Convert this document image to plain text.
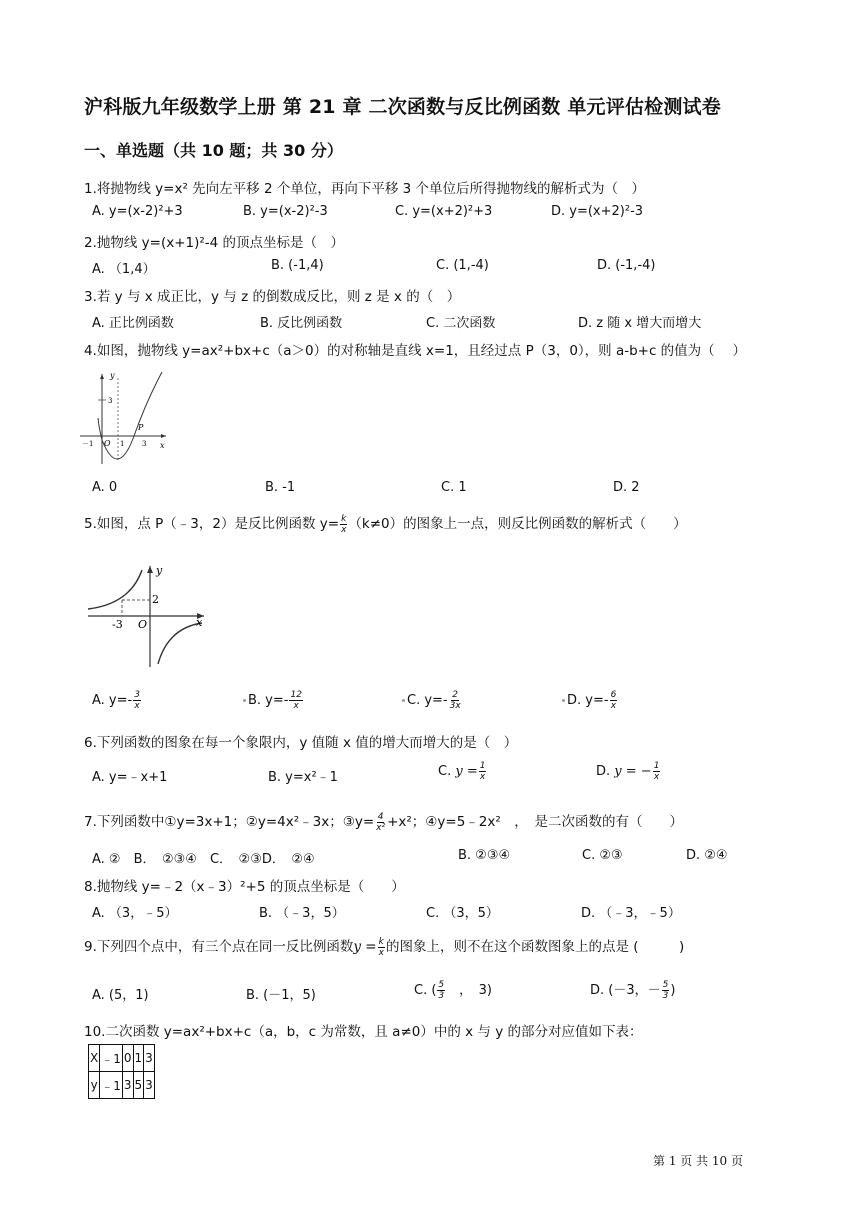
沪科版九年级数学上册 第 21 章 二次函数与反比例函数 单元评估检测试卷
一、单选题（共 10 题；共 30 分）
1.将抛物线 y=x² 先向左平移 2 个单位，再向下平移 3 个单位后所得抛物线的解析式为（　）
A. y=(x-2)²+3	B. y=(x-2)²-3	C. y=(x+2)²+3	D. y=(x+2)²-3
2.抛物线 y=(x+1)²-4 的顶点坐标是（　）
A. （1,4）	B. (-1,4)	C. (1,-4)	D. (-1,-4)
3.若 y 与 x 成正比，y 与 z 的倒数成反比，则 z 是 x 的（　）
A. 正比例函数	B. 反比例函数	C. 二次函数	D. z 随 x 增大而增大
4.如图，抛物线 y=ax²+bx+c（a＞0）的对称轴是直线 x=1，且经过点 P（3，0），则 a-b+c 的值为（　 ）
y
3
－1 O 1
P
3 x
A. 0	B. -1	C. 1	D. 2
5.如图，点 P（﹣3，2）是反比例函数 $y= \frac{k}{x} (k\ne 0)$的图象上一点，则反比例函数的解析式（　　）
y
2
-3 O	x
A. $y=- \frac{3}{x}$	B. $y=- \frac{12}{x}$	C. $y=- \frac{2}{3x}$	D. $y=- \frac{6}{x}$
6.下列函数的图象在每一个象限内，y 值随 x 值的增大而增大的是（　）
A. y=﹣x+1	B. y=x²﹣1	C. $y = \frac{1}{x}$	D. y = − $\frac{1}{x}$
7.下列函数中①y=3x+1；②y=4x²﹣3x；③y= $\frac{4}{\text{x²}} +x^2$；④y=5﹣2x²　，　是二次函数的有（　　）
A. ②　B．　②③④　C．　②③D．　②④	B. ②③④	C. ②③	D. ②④
8.抛物线 y=﹣2（x﹣3）²+5 的顶点坐标是（　　）
A. （3，﹣5）	B. （﹣3，5）	C. （3，5）	D. （﹣3，﹣5）
9.下列四个点中，有三个点在同一反比例函数$y = \frac{k}{x}$ 的图象上，则不在这个函数图象上的点是 (　　　)
A. (5，1)	B. (－1，5)	C. ( $\frac{5}{3}$ 　，　3)	D. (－3，－ $\frac{5}{3}$ )
10.二次函数 y=ax²+bx+c（a，b，c 为常数，且 a≠0）中的 x 与 y 的部分对应值如下表：
X	﹣1	0	1	3
y	﹣1	3	5	3
第 1 页 共 10 页
